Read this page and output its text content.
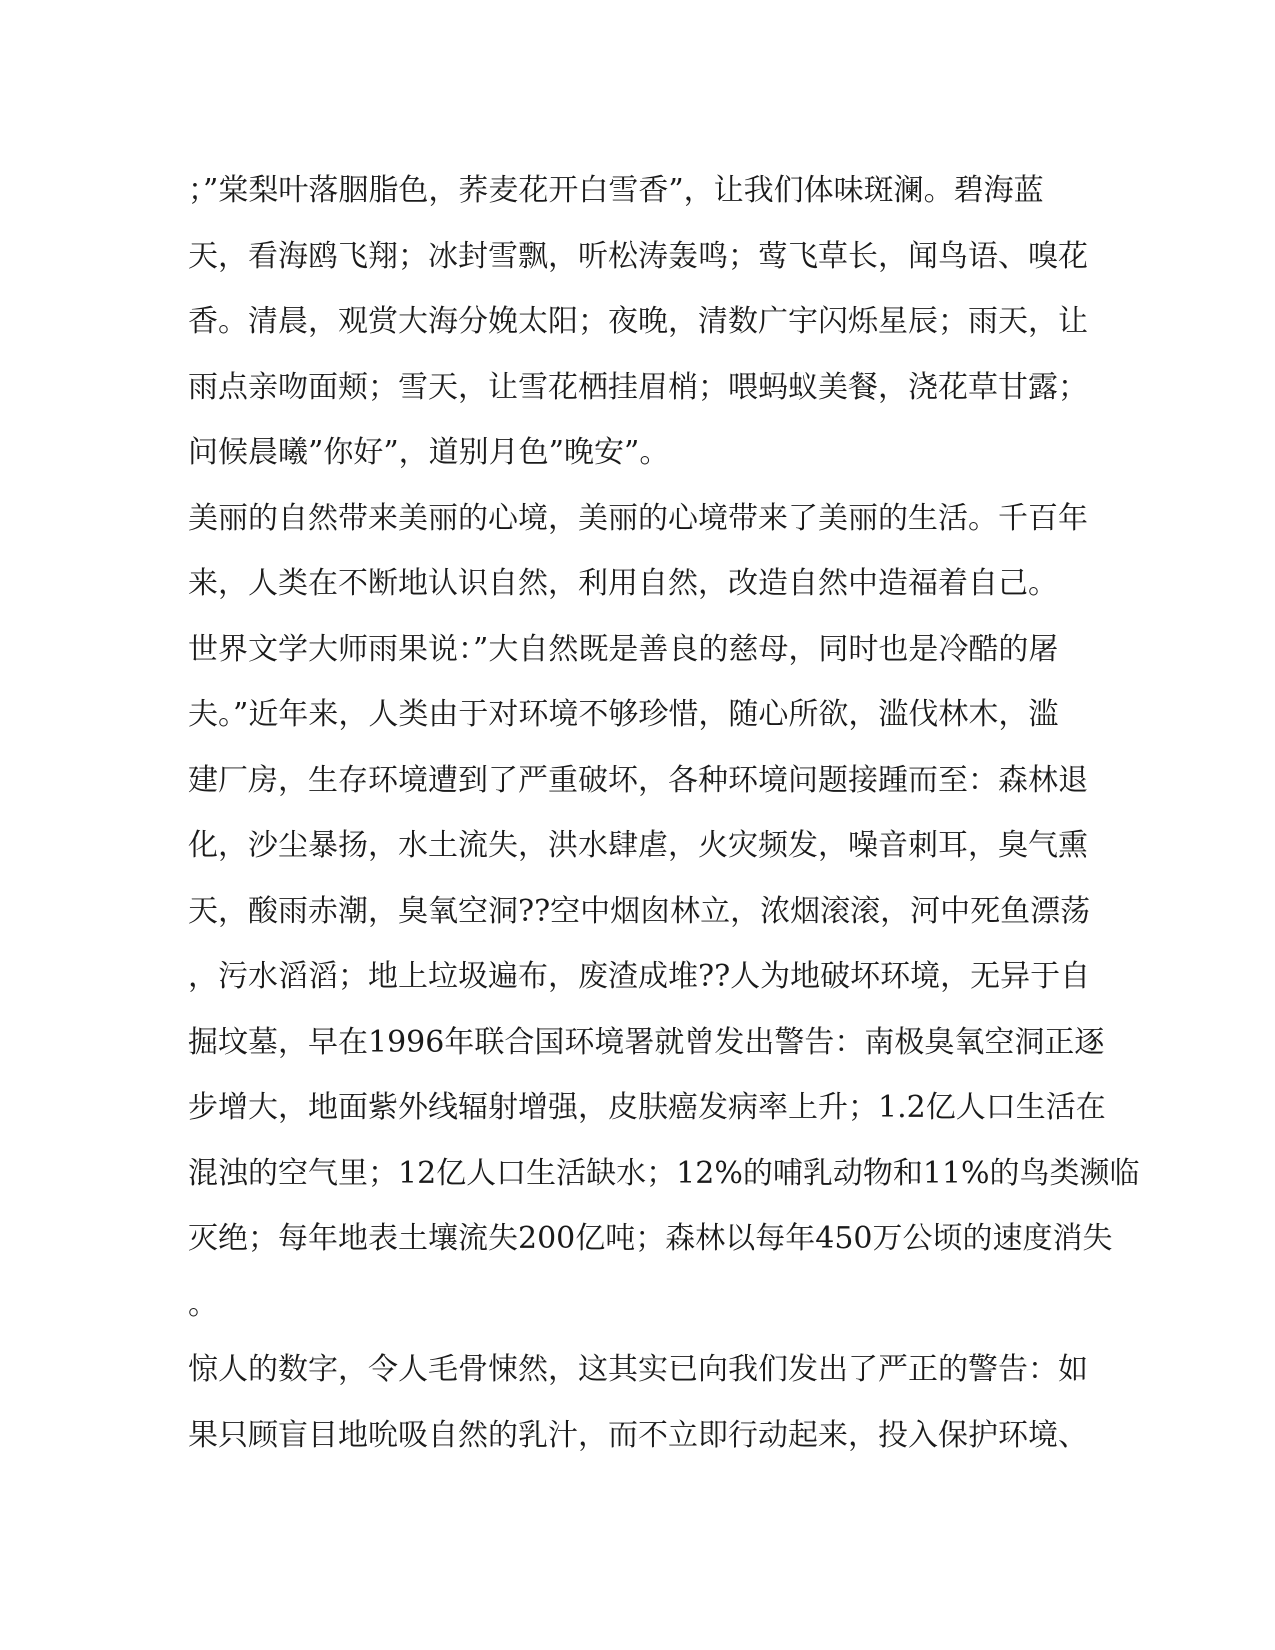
；”棠梨叶落胭脂色，荞麦花开白雪香”，让我们体味斑澜。碧海蓝
天，看海鸥飞翔；冰封雪飘，听松涛轰鸣；莺飞草长，闻鸟语、嗅花
香。清晨，观赏大海分娩太阳；夜晚，清数广宇闪烁星辰；雨天，让
雨点亲吻面颊；雪天，让雪花栖挂眉梢；喂蚂蚁美餐，浇花草甘露；
问候晨曦”你好”，道别月色”晚安”。
美丽的自然带来美丽的心境，美丽的心境带来了美丽的生活。千百年
来，人类在不断地认识自然，利用自然，改造自然中造福着自己。
世界文学大师雨果说：”大自然既是善良的慈母，同时也是冷酷的屠
夫。”近年来，人类由于对环境不够珍惜，随心所欲，滥伐林木，滥
建厂房，生存环境遭到了严重破坏，各种环境问题接踵而至：森林退
化，沙尘暴扬，水土流失，洪水肆虐，火灾频发，噪音刺耳，臭气熏
天，酸雨赤潮，臭氧空洞??空中烟囱林立，浓烟滚滚，河中死鱼漂荡
，污水滔滔；地上垃圾遍布，废渣成堆??人为地破坏环境，无异于自
掘坟墓，早在1996年联合国环境署就曾发出警告：南极臭氧空洞正逐
步增大，地面紫外线辐射增强，皮肤癌发病率上升；1.2亿人口生活在
混浊的空气里；12亿人口生活缺水；12%的哺乳动物和11%的鸟类濒临
灭绝；每年地表土壤流失200亿吨；森林以每年450万公顷的速度消失
。
惊人的数字，令人毛骨悚然，这其实已向我们发出了严正的警告：如
果只顾盲目地吮吸自然的乳汁，而不立即行动起来，投入保护环境、
